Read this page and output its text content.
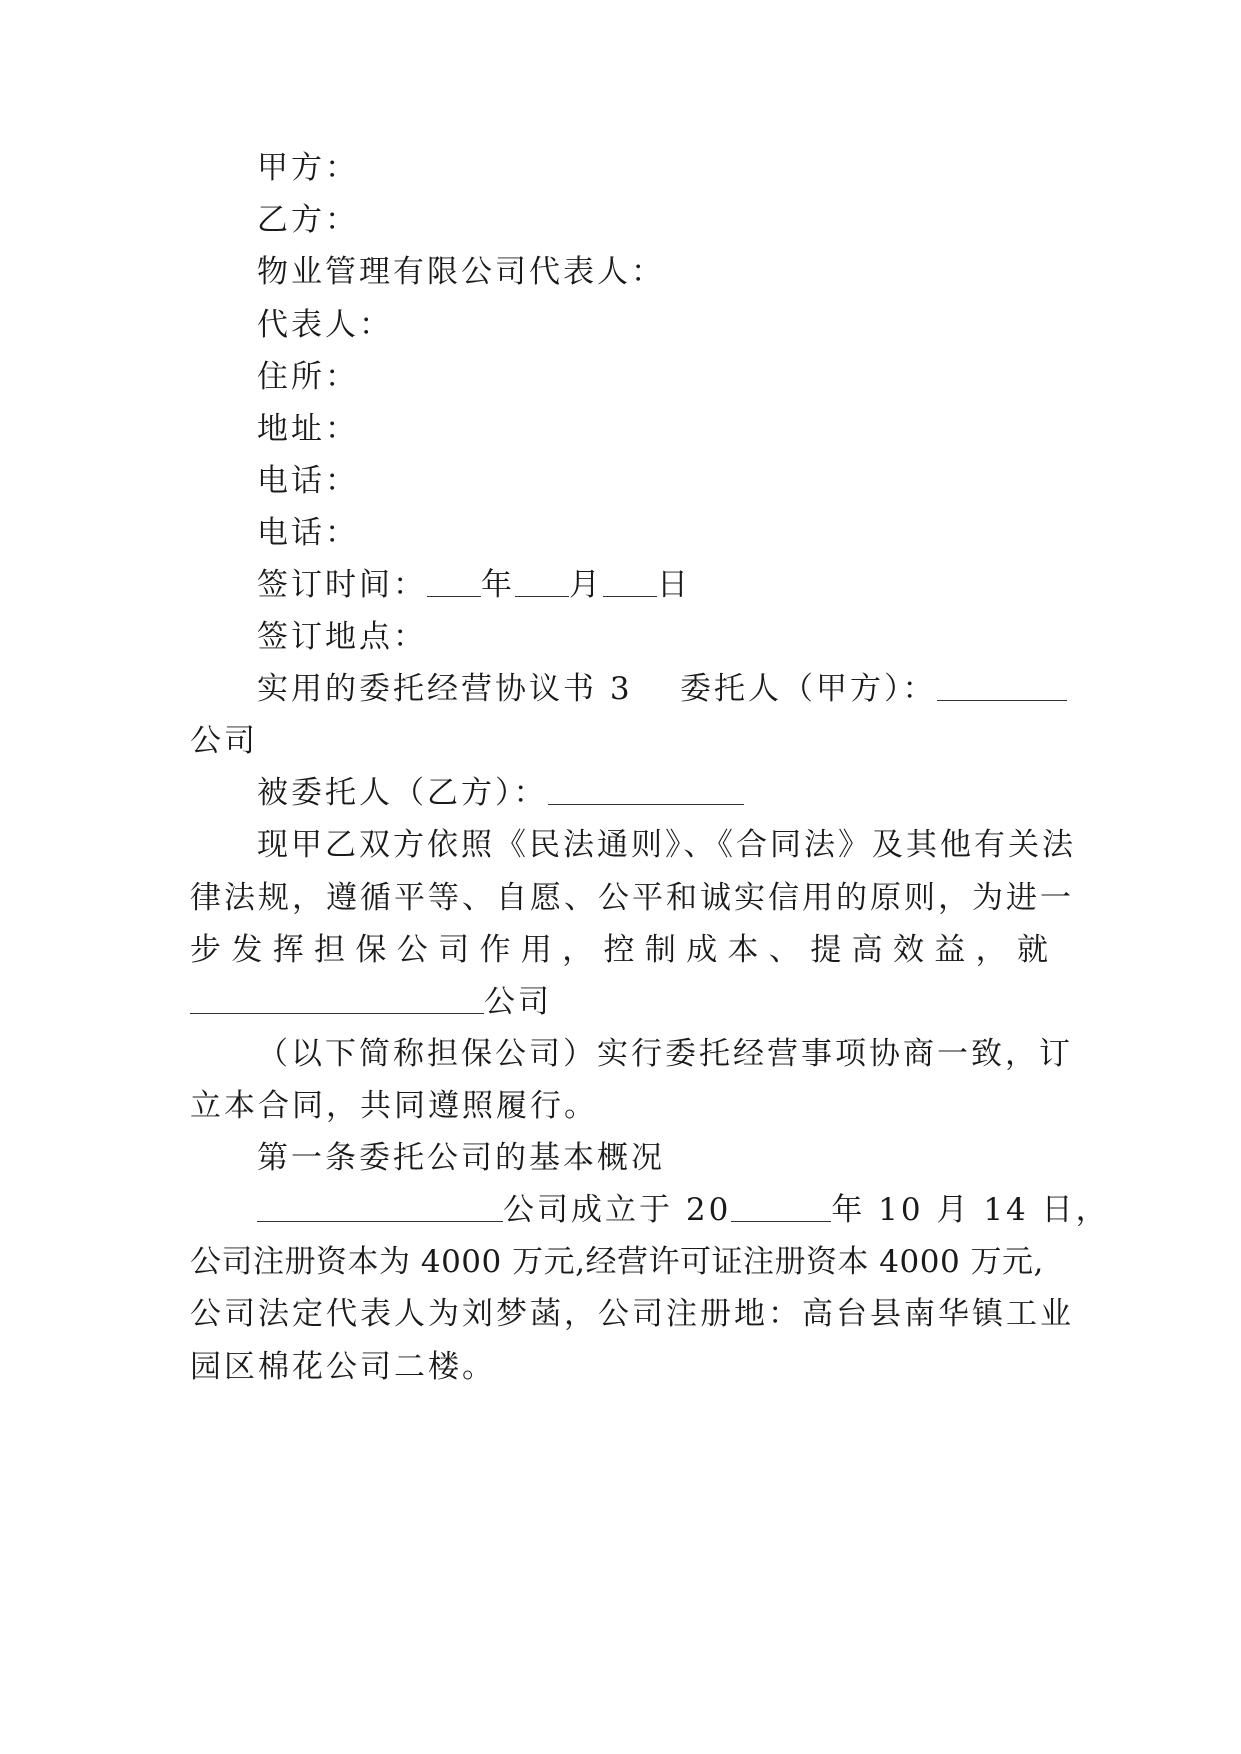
甲方：
乙方：
物业管理有限公司代表人：
代表人：
住所：
地址：
电话：
电话：
签订时间： 年 月 日
签订地点：
实用的委托经营协议书 3 委托人（甲方）：
公司
被委托人（乙方）：
现甲乙双方依照《民法通则》、《合同法》及其他有关法
律法规，遵循平等、自愿、公平和诚实信用的原则，为进一
步发挥担保公司作用，控制成本、提高效益，就
公司
（以下简称担保公司）实行委托经营事项协商一致，订
立本合同，共同遵照履行。
第一条委托公司的基本概况
公司成立于 20	年 10 月 14 日，
公司注册资本为 4000 万元,经营许可证注册资本 4000 万元,
公司法定代表人为刘梦菡，公司注册地：高台县南华镇工业
园区棉花公司二楼。
